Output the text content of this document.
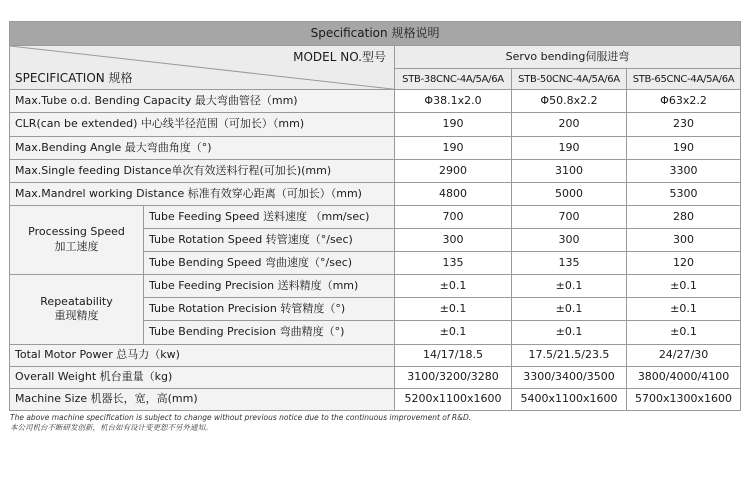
Specification 规格说明				

MODEL NO.型号
SPECIFICATION 规格		Servo bending伺服进弯		
		STB-38CNC-4A/5A/6A	STB-50CNC-4A/5A/6A	STB-65CNC-4A/5A/6A
Max.Tube o.d. Bending Capacity 最大弯曲管径（mm)		Φ38.1x2.0	Φ50.8x2.2	Φ63x2.2
CLR(can be extended) 中心线半径范围（可加长）（mm)		190	200	230
Max.Bending Angle 最大弯曲角度（°)		190	190	190
Max.Single feeding Distance单次有效送料行程(可加长)(mm)		2900	3100	3300
Max.Mandrel working Distance 标准有效穿心距离（可加长）（mm)		4800	5000	5300
Processing Speed
加工速度	Tube Feeding Speed 送料速度 （mm/sec)	700	700	280
	Tube Rotation Speed 转管速度（°/sec)	300	300	300
	Tube Bending Speed 弯曲速度（°/sec)	135	135	120
Repeatability
重现精度	Tube Feeding Precision 送料精度（mm)	±0.1	±0.1	±0.1
	Tube Rotation Precision 转管精度（°)	±0.1	±0.1	±0.1
	Tube Bending Precision 弯曲精度（°)	±0.1	±0.1	±0.1
Total Motor Power 总马力（kw)		14/17/18.5	17.5/21.5/23.5	24/27/30
Overall Weight 机台重量（kg)		3100/3200/3280	3300/3400/3500	3800/4000/4100
Machine Size 机器长，宽，高(mm)		5200x1100x1600	5400x1100x1600	5700x1300x1600
The above machine specification is subject to change without previous notice due to the continuous improvement of R&D.
本公司机台不断研发创新，机台如有设计变更恕不另外通知。
